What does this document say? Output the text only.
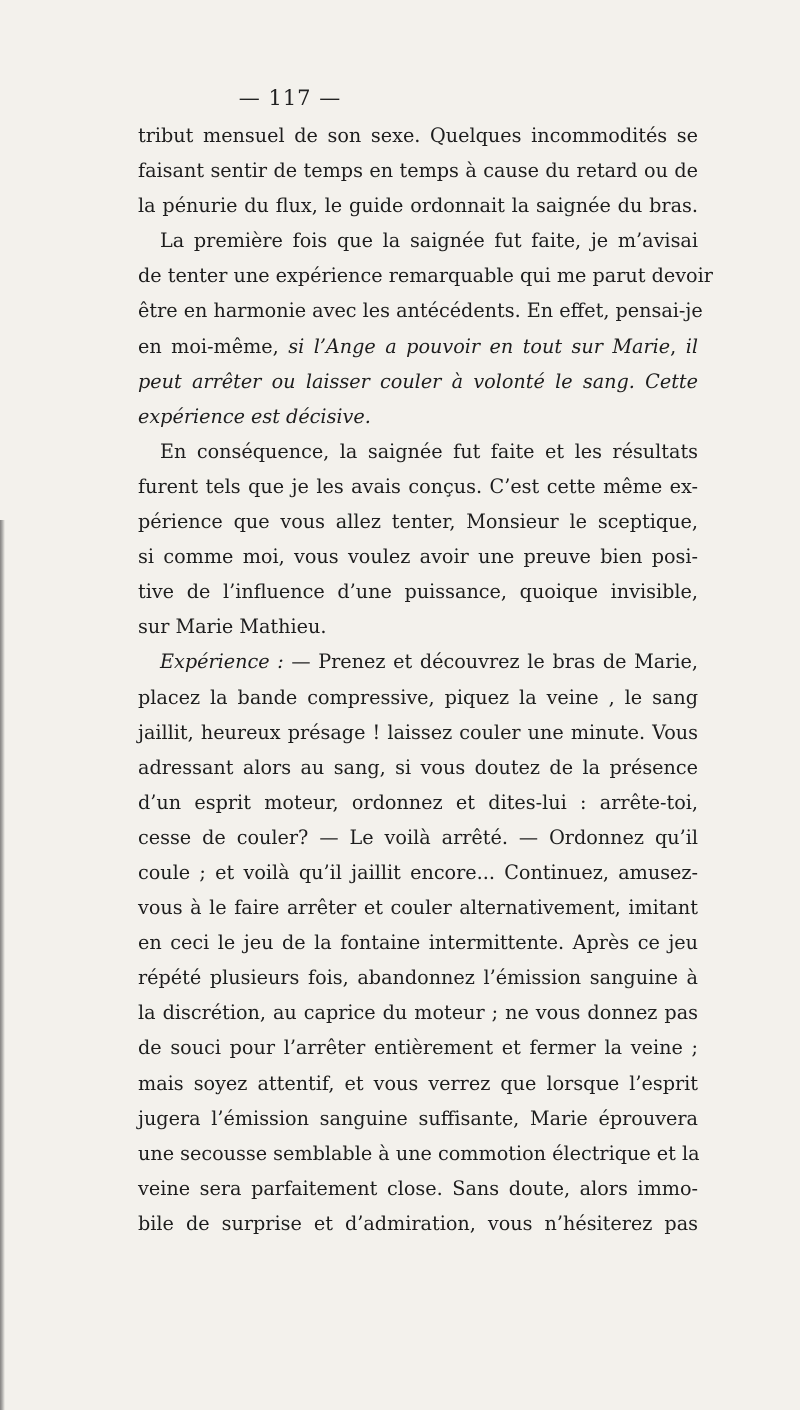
— 117 —
tribut mensuel de son sexe. Quelques incommodités se
faisant sentir de temps en temps à cause du retard ou de
la pénurie du flux, le guide ordonnait la saignée du bras.
La première fois que la saignée fut faite, je m’avisai
de tenter une expérience remarquable qui me parut devoir
être en harmonie avec les antécédents. En effet, pensai-je
en moi-même, si l’Ange a pouvoir en tout sur Marie, il
peut arrêter ou laisser couler à volonté le sang. Cette
expérience est décisive.
En conséquence, la saignée fut faite et les résultats
furent tels que je les avais conçus. C’est cette même ex-
périence que vous allez tenter, Monsieur le sceptique,
si comme moi, vous voulez avoir une preuve bien posi-
tive de l’influence d’une puissance, quoique invisible,
sur Marie Mathieu.
Expérience : — Prenez et découvrez le bras de Marie,
placez la bande compressive, piquez la veine , le sang
jaillit, heureux présage ! laissez couler une minute. Vous
adressant alors au sang, si vous doutez de la présence
d’un esprit moteur, ordonnez et dites-lui : arrête-toi,
cesse de couler? — Le voilà arrêté. — Ordonnez qu’il
coule ; et voilà qu’il jaillit encore... Continuez, amusez-
vous à le faire arrêter et couler alternativement, imitant
en ceci le jeu de la fontaine intermittente. Après ce jeu
répété plusieurs fois, abandonnez l’émission sanguine à
la discrétion, au caprice du moteur ; ne vous donnez pas
de souci pour l’arrêter entièrement et fermer la veine ;
mais soyez attentif, et vous verrez que lorsque l’esprit
jugera l’émission sanguine suffisante, Marie éprouvera
une secousse semblable à une commotion électrique et la
veine sera parfaitement close. Sans doute, alors immo-
bile de surprise et d’admiration, vous n’hésiterez pas
